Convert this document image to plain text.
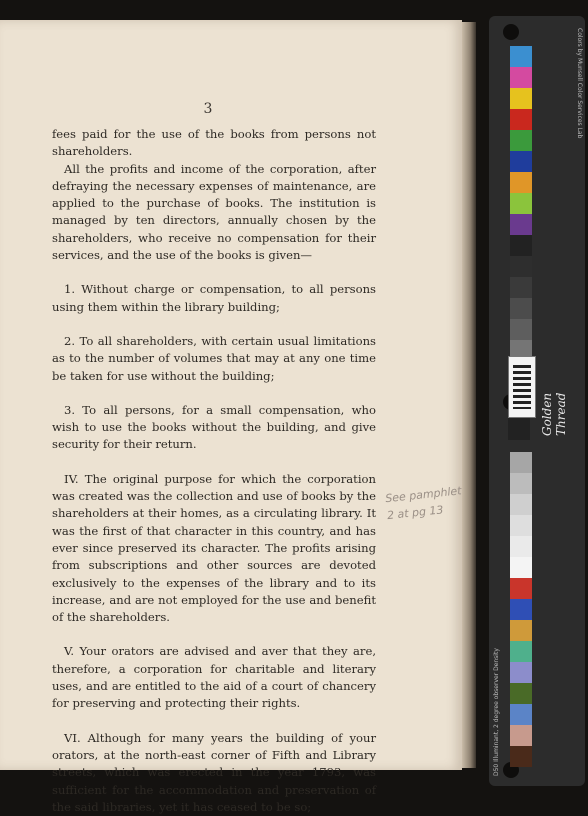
3

fees paid for the use of the books from persons not shareholders.

All the profits and income of the corporation, after defraying the necessary expenses of maintenance, are applied to the purchase of books. The institution is managed by ten directors, annually chosen by the shareholders, who receive no compensation for their services, and the use of the books is given—

1. Without charge or compensation, to all persons using them within the library building;

2. To all shareholders, with certain usual limitations as to the number of volumes that may at any one time be taken for use without the building;

3. To all persons, for a small compensation, who wish to use the books without the building, and give security for their return.

IV. The original purpose for which the corporation was created was the collection and use of books by the shareholders at their homes, as a circulating library. It was the first of that character in this country, and has ever since preserved its character. The profits arising from subscriptions and other sources are devoted exclusively to the expenses of the library and to its increase, and are not employed for the use and benefit of the shareholders.

V. Your orators are advised and aver that they are, therefore, a corporation for charitable and literary uses, and are entitled to the aid of a court of chancery for preserving and protecting their rights.

VI. Although for many years the building of your orators, at the north-east corner of Fifth and Library streets, which was erected in the year 1793, was sufficient for the accommodation and preservation of the said libraries, yet it has ceased to be so;

See pamphlet 2 at pg 13
Colors by Munsell Color Services Lab
D50 Illuminant, 2 degree observer Density
Golden Thread
